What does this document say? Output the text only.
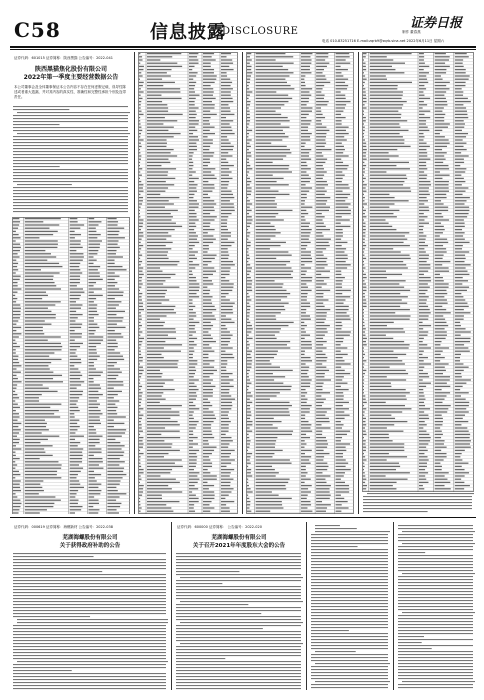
C58	信息披露
DISCLOSURE
证券日报
制作 董春燕
电话 010-83251716 E-mail:zqrb9@zqrb.sina.net 2022年6月11日 星期六
证券代码：601015 证券简称：陕西黑猫 公告编号：2022-041
陕西黑猫焦化股份有限公司
2022年第一季度主要经营数据公告
本公司董事会及全体董事保证本公告内容不存在任何虚假记载、误导性陈述或者重大遗漏，并对其内容的真实性、准确性和完整性承担个别及连带责任。

证券代码：000619 证券简称：海螺新材 公告编号：2022-038
芜湖海螺股份有限公司
关于获得政府补助的公告
证券代码：600000 证券简称： 公告编号：2022-020
芜湖海螺股份有限公司
关于召开2021年年度股东大会的公告
